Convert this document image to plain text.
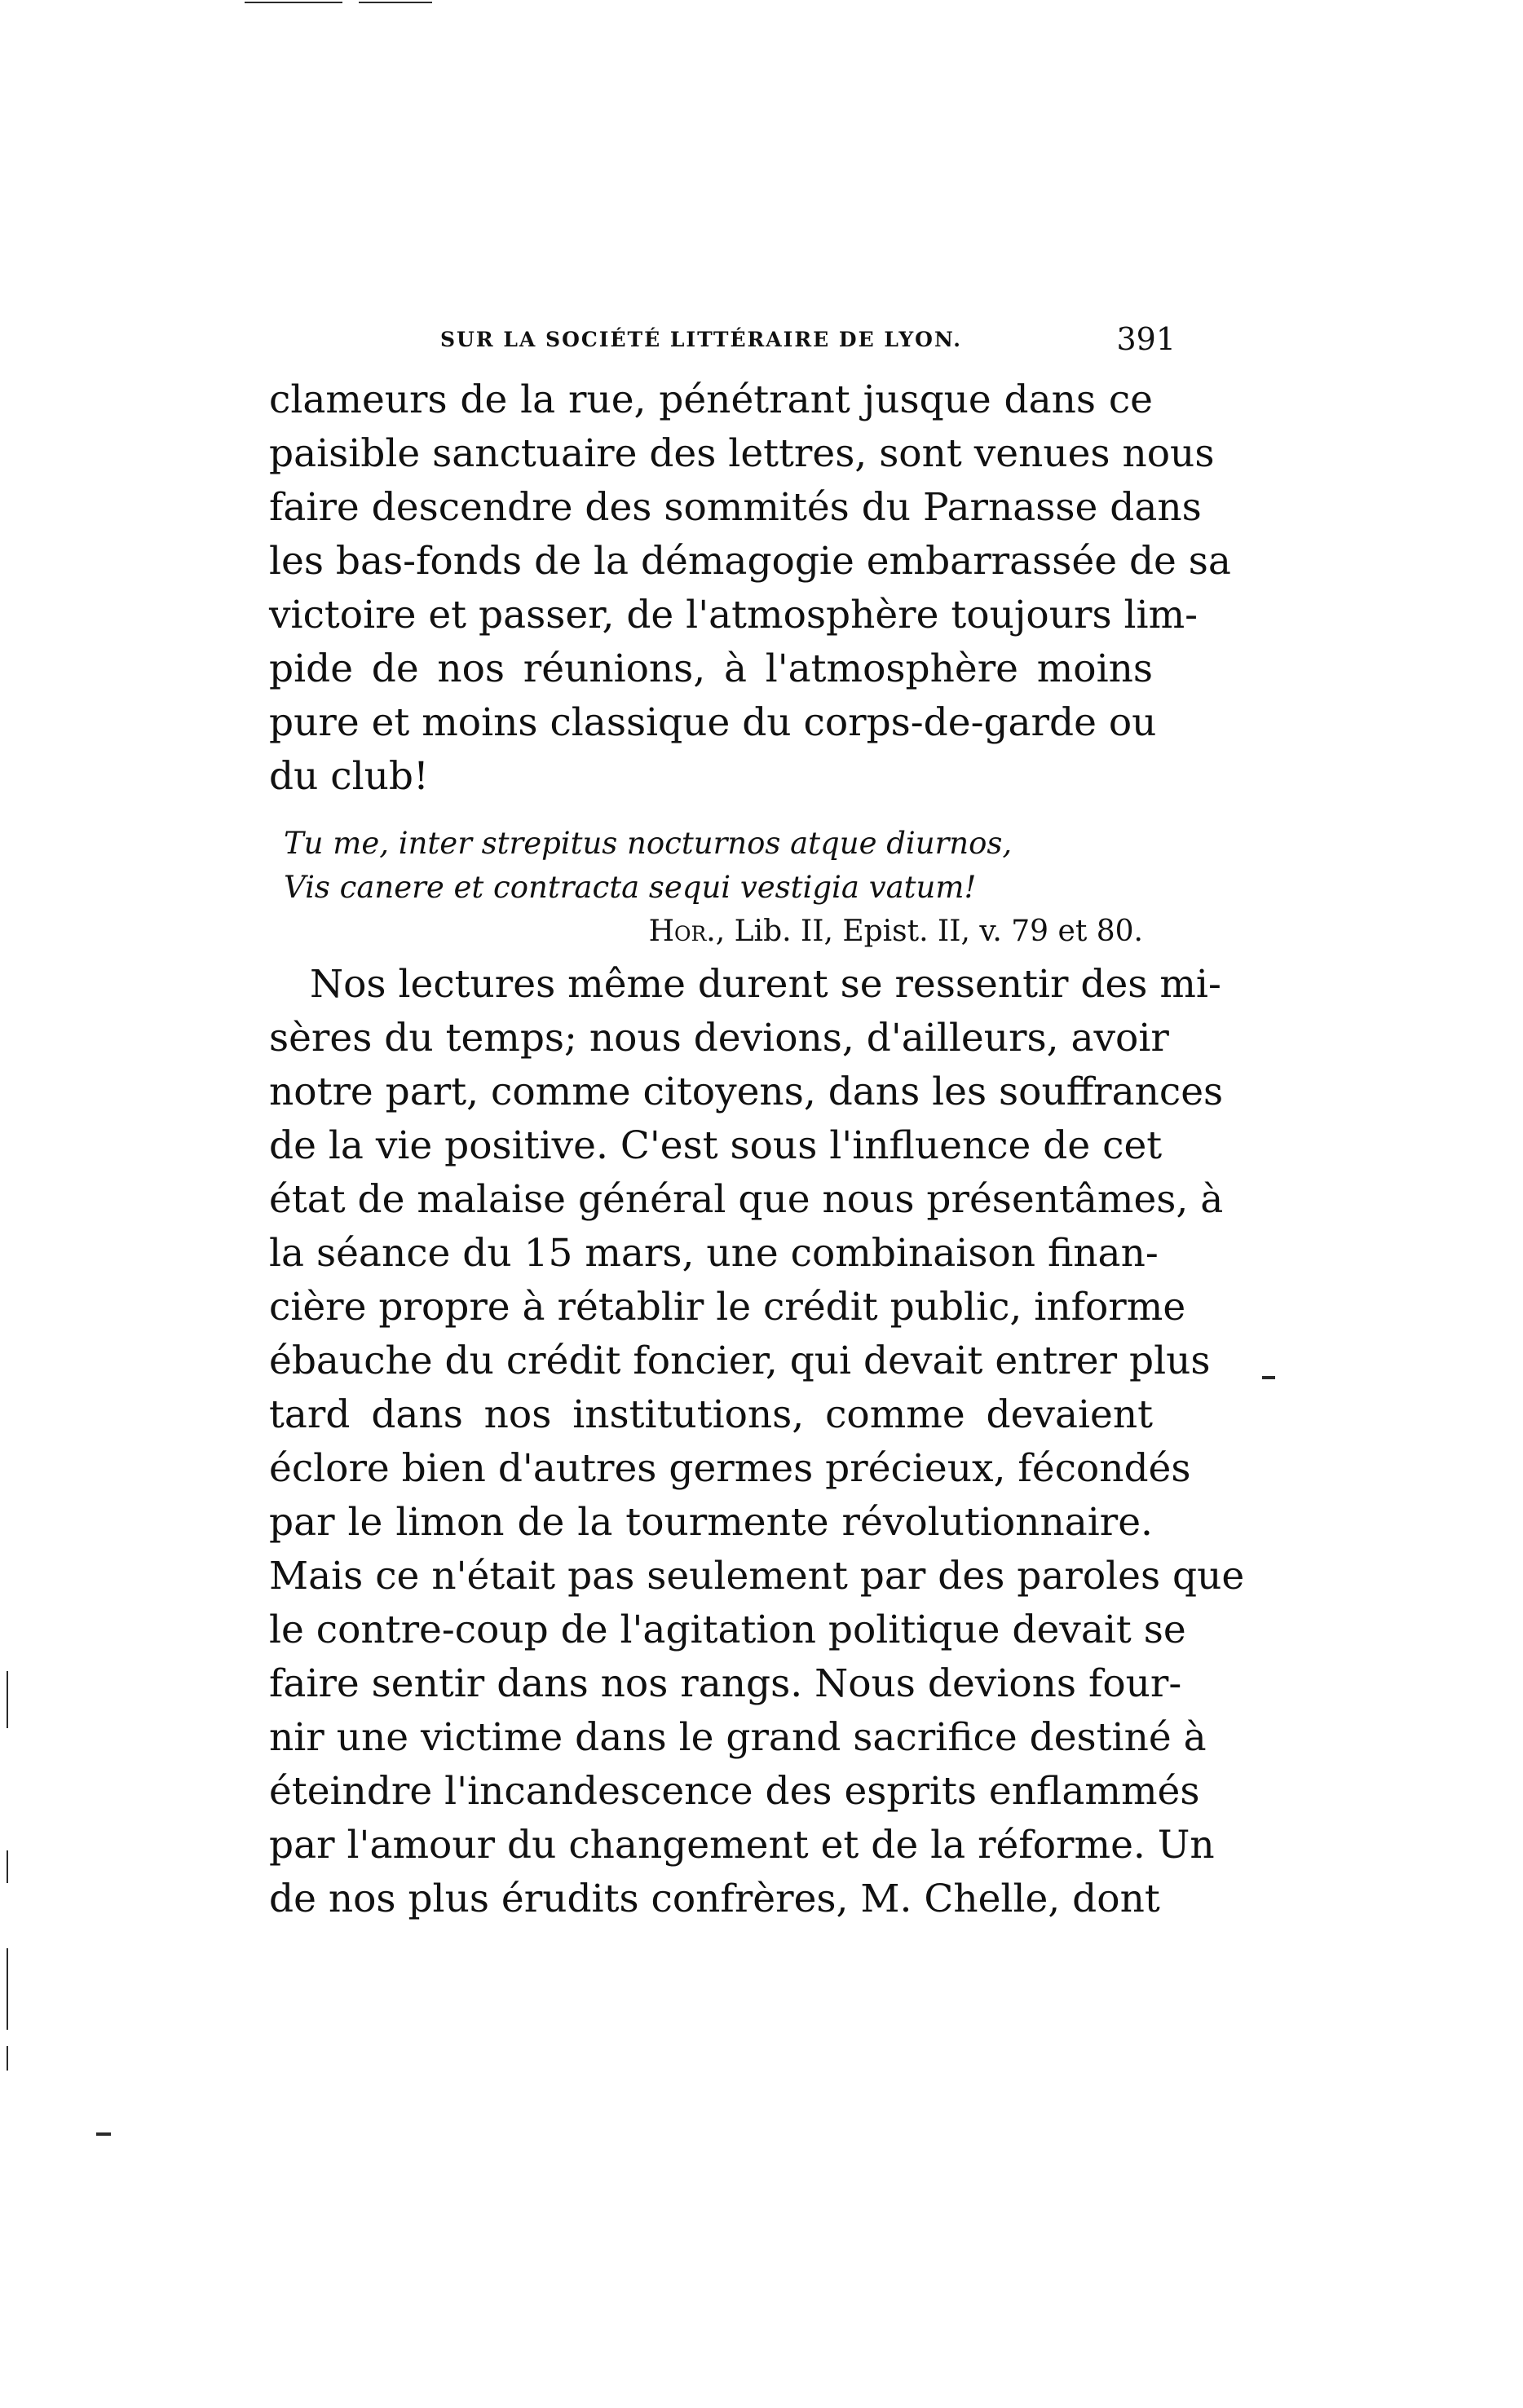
SUR LA SOCIÉTÉ LITTÉRAIRE DE LYON.	391
clameurs de la rue, pénétrant jusque dans ce
paisible sanctuaire des lettres, sont venues nous
faire descendre des sommités du Parnasse dans
les bas-fonds de la démagogie embarrassée de sa
victoire et passer, de l'atmosphère toujours lim-
pide de nos réunions, à l'atmosphère moins
pure et moins classique du corps-de-garde ou
du club!
Tu me, inter strepitus nocturnos atque diurnos,
Vis canere et contracta sequi vestigia vatum!
Hor., Lib. II, Epist. II, v. 79 et 80.
Nos lectures même durent se ressentir des mi-
sères du temps; nous devions, d'ailleurs, avoir
notre part, comme citoyens, dans les souffrances
de la vie positive. C'est sous l'influence de cet
état de malaise général que nous présentâmes, à
la séance du 15 mars, une combinaison finan-
cière propre à rétablir le crédit public, informe
ébauche du crédit foncier, qui devait entrer plus
tard dans nos institutions, comme devaient
éclore bien d'autres germes précieux, fécondés
par le limon de la tourmente révolutionnaire.
Mais ce n'était pas seulement par des paroles que
le contre-coup de l'agitation politique devait se
faire sentir dans nos rangs. Nous devions four-
nir une victime dans le grand sacrifice destiné à
éteindre l'incandescence des esprits enflammés
par l'amour du changement et de la réforme. Un
de nos plus érudits confrères, M. Chelle, dont
